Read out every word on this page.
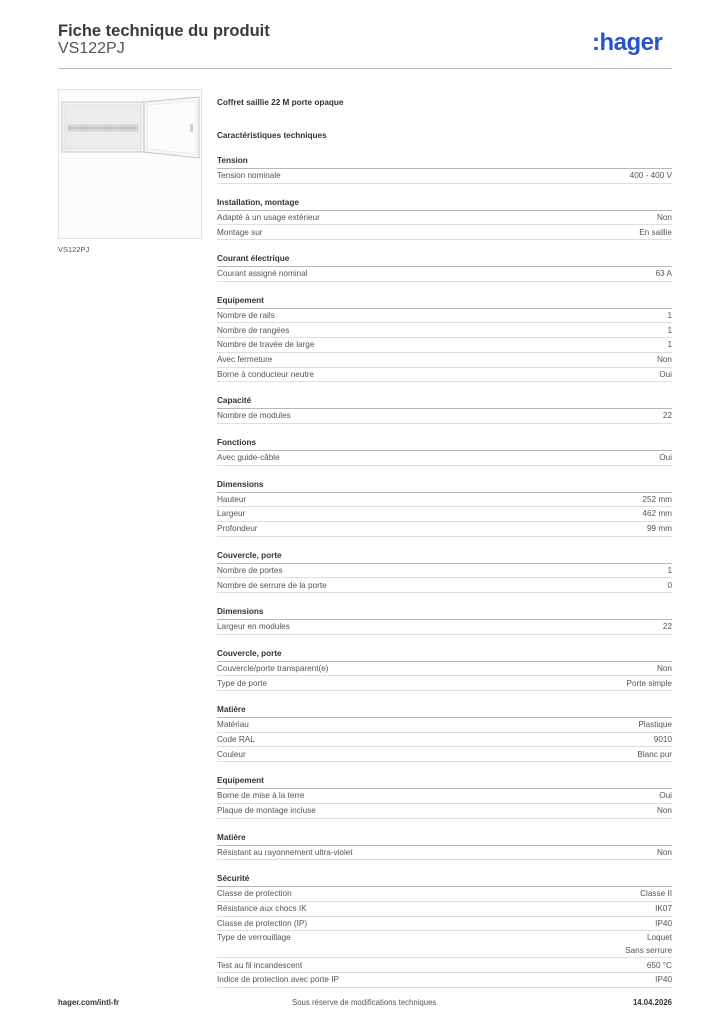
Fiche technique du produit
VS122PJ	:hager
VS122PJ
Coffret saillie 22 M porte opaque
Caractéristiques techniques
Tension
Tension nominale	400 - 400 V
Installation, montage
Adapté à un usage extérieur	Non
Montage sur	En saillie
Courant électrique
Courant assigné nominal	63 A
Equipement
Nombre de rails	1
Nombre de rangées	1
Nombre de travée de large	1
Avec fermeture	Non
Borne à conducteur neutre	Oui
Capacité
Nombre de modules	22
Fonctions
Avec guide-câble	Oui
Dimensions
Hauteur	252 mm
Largeur	462 mm
Profondeur	99 mm
Couvercle, porte
Nombre de portes	1
Nombre de serrure de la porte	0
Dimensions
Largeur en modules	22
Couvercle, porte
Couvercle/porte transparent(e)	Non
Type de porte	Porte simple
Matière
Matériau	Plastique
Code RAL	9010
Couleur	Blanc pur
Equipement
Borne de mise à la terre	Oui
Plaque de montage incluse	Non
Matière
Résistant au rayonnement ultra-violet	Non
Sécurité
Classe de protection	Classe II
Résistance aux chocs IK	IK07
Classe de protection (IP)	IP40
Type de verrouillage	Loquet
Sans serrure
Test au fil incandescent	650 °C
Indice de protection avec porte IP	IP40
hager.com/intl-fr	Sous réserve de modifications techniques	14.04.2026
